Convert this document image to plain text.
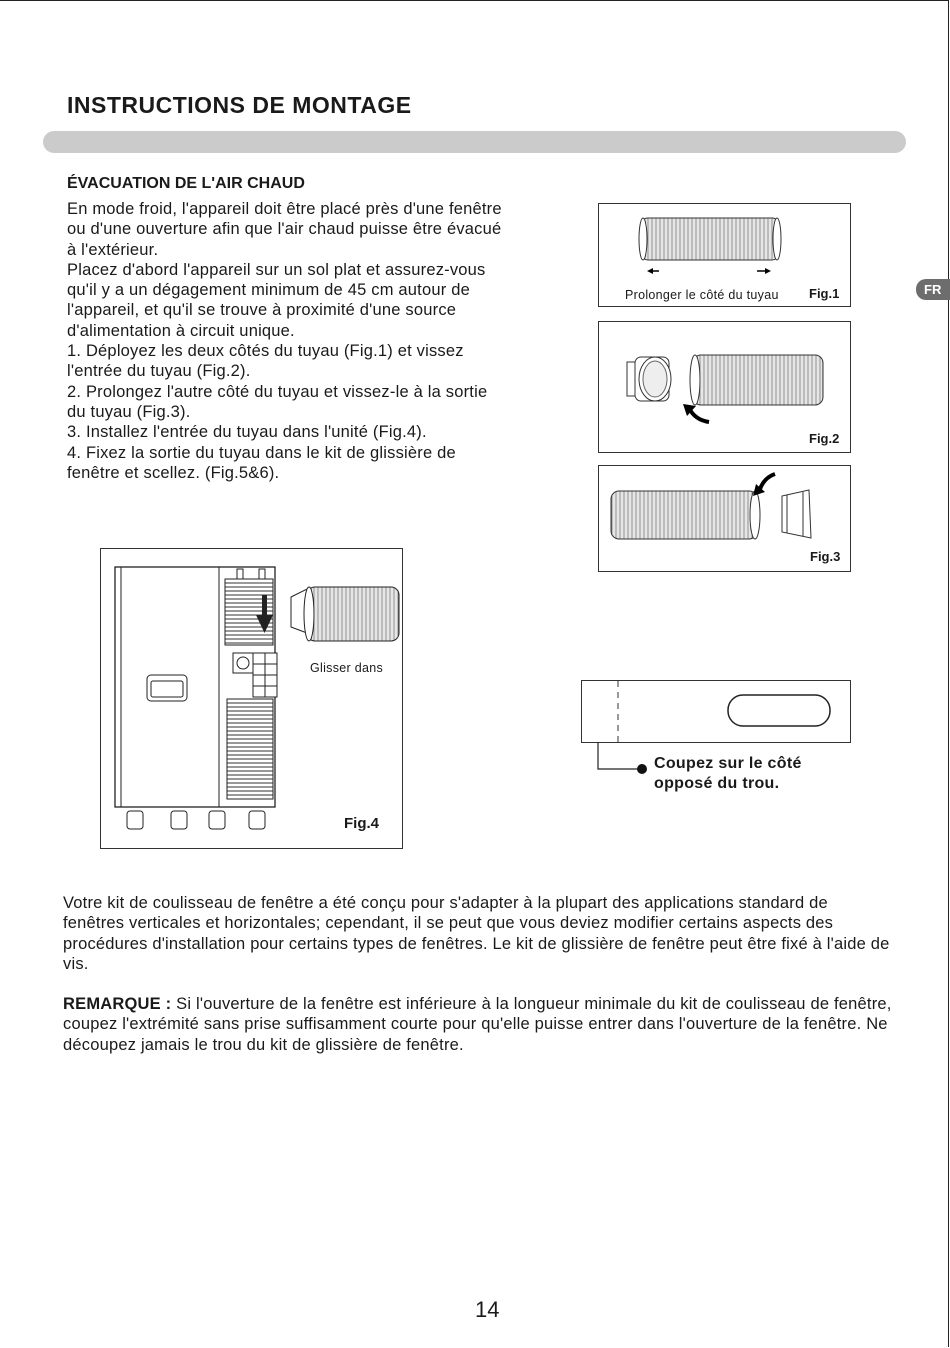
INSTRUCTIONS DE MONTAGE
FR
ÉVACUATION DE L'AIR CHAUD

En mode froid, l'appareil doit être placé près d'une fenêtre

ou d'une ouverture afin que l'air chaud puisse être évacué

à l'extérieur.

Placez d'abord l'appareil sur un sol plat et assurez-vous

qu'il y a un dégagement minimum de 45 cm autour de

l'appareil, et qu'il se trouve à proximité d'une source

d'alimentation à circuit unique.

1. Déployez les deux côtés du tuyau (Fig.1) et vissez

l'entrée du tuyau (Fig.2).

2. Prolongez l'autre côté du tuyau et vissez-le à la sortie

du tuyau (Fig.3).

3. Installez l'entrée du tuyau dans l'unité (Fig.4).

4. Fixez la sortie du tuyau dans le kit de glissière de

fenêtre et scellez. (Fig.5&6).

Prolonger le côté du tuyau Fig.1
Fig.2
Fig.3
Glisser dans
Fig.4
Coupez sur le côté
opposé du trou.

Votre kit de coulisseau de fenêtre a été conçu pour s'adapter à la plupart des applications standard de fenêtres verticales et horizontales; cependant, il se peut que vous deviez modifier certains aspects des procédures d'installation pour certains types de fenêtres. Le kit de glissière de fenêtre peut être fixé à l'aide de vis.

REMARQUE : Si l'ouverture de la fenêtre est inférieure à la longueur minimale du kit de coulisseau de fenêtre, coupez l'extrémité sans prise suffisamment courte pour qu'elle puisse entrer dans l'ouverture de la fenêtre. Ne découpez jamais le trou du kit de glissière de fenêtre.

14
